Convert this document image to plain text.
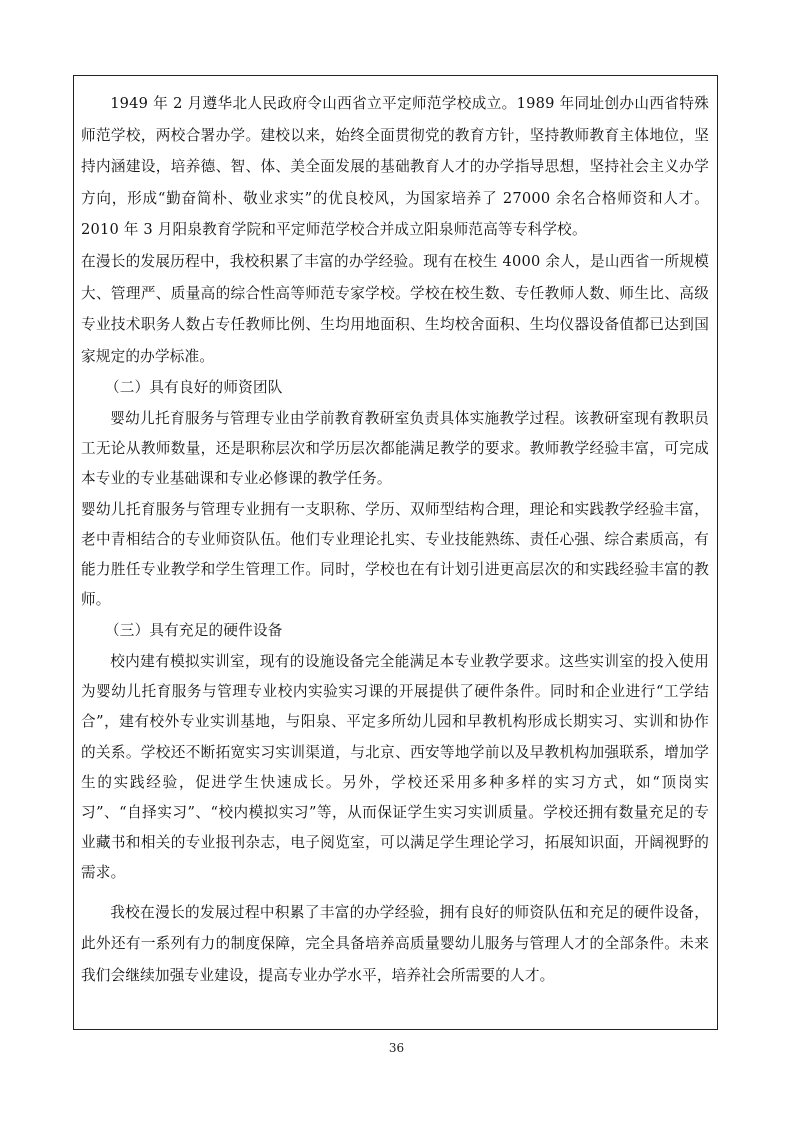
1949 年 2 月遵华北人民政府令山西省立平定师范学校成立。1989 年同址创办山西省特殊师范学校，两校合署办学。建校以来，始终全面贯彻党的教育方针，坚持教师教育主体地位，坚持内涵建设，培养德、智、体、美全面发展的基础教育人才的办学指导思想，坚持社会主义办学方向，形成“勤奋简朴、敬业求实”的优良校风，为国家培养了 27000 余名合格师资和人才。2010 年 3 月阳泉教育学院和平定师范学校合并成立阳泉师范高等专科学校。

在漫长的发展历程中，我校积累了丰富的办学经验。现有在校生 4000 余人，是山西省一所规模大、管理严、质量高的综合性高等师范专家学校。学校在校生数、专任教师人数、师生比、高级专业技术职务人数占专任教师比例、生均用地面积、生均校舍面积、生均仪器设备值都已达到国家规定的办学标准。

（二）具有良好的师资团队

婴幼儿托育服务与管理专业由学前教育教研室负责具体实施教学过程。该教研室现有教职员工无论从教师数量，还是职称层次和学历层次都能满足教学的要求。教师教学经验丰富，可完成本专业的专业基础课和专业必修课的教学任务。

婴幼儿托育服务与管理专业拥有一支职称、学历、双师型结构合理，理论和实践教学经验丰富，老中青相结合的专业师资队伍。他们专业理论扎实、专业技能熟练、责任心强、综合素质高，有能力胜任专业教学和学生管理工作。同时，学校也在有计划引进更高层次的和实践经验丰富的教师。

（三）具有充足的硬件设备

校内建有模拟实训室，现有的设施设备完全能满足本专业教学要求。这些实训室的投入使用为婴幼儿托育服务与管理专业校内实验实习课的开展提供了硬件条件。同时和企业进行“工学结合”，建有校外专业实训基地，与阳泉、平定多所幼儿园和早教机构形成长期实习、实训和协作的关系。学校还不断拓宽实习实训渠道，与北京、西安等地学前以及早教机构加强联系，增加学生的实践经验，促进学生快速成长。另外，学校还采用多种多样的实习方式，如“顶岗实习”、“自择实习”、“校内模拟实习”等，从而保证学生实习实训质量。学校还拥有数量充足的专业藏书和相关的专业报刊杂志，电子阅览室，可以满足学生理论学习，拓展知识面，开阔视野的需求。

我校在漫长的发展过程中积累了丰富的办学经验，拥有良好的师资队伍和充足的硬件设备，此外还有一系列有力的制度保障，完全具备培养高质量婴幼儿服务与管理人才的全部条件。未来我们会继续加强专业建设，提高专业办学水平，培养社会所需要的人才。

36
